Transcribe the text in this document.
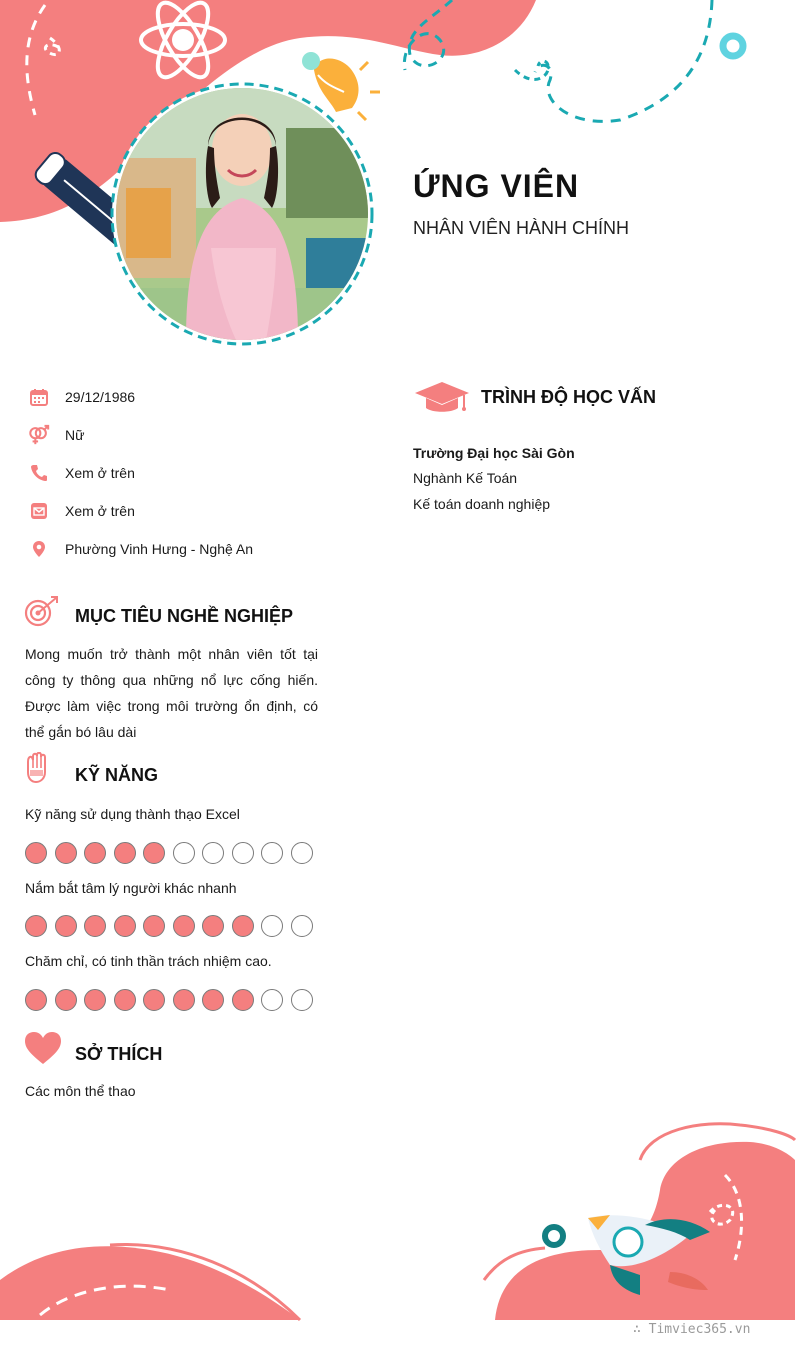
ỨNG VIÊN
NHÂN VIÊN HÀNH CHÍNH
29/12/1986
Nữ
Xem ở trên
Xem ở trên
Phường Vinh Hưng - Nghệ An
MỤC TIÊU NGHỀ NGHIỆP
Mong muốn trở thành một nhân viên tốt tại công ty thông qua những nổ lực cống hiến. Được làm việc trong môi trường ổn định, có thể gắn bó lâu dài
KỸ NĂNG
Kỹ năng sử dụng thành thạo Excel
Nắm bắt tâm lý người khác nhanh
Chăm chỉ, có tinh thần trách nhiệm cao.
SỞ THÍCH
Các môn thể thao
TRÌNH ĐỘ HỌC VẤN
Trường Đại học Sài Gòn
Nghành Kế Toán
Kế toán doanh nghiệp
∴ Timviec365.vn
